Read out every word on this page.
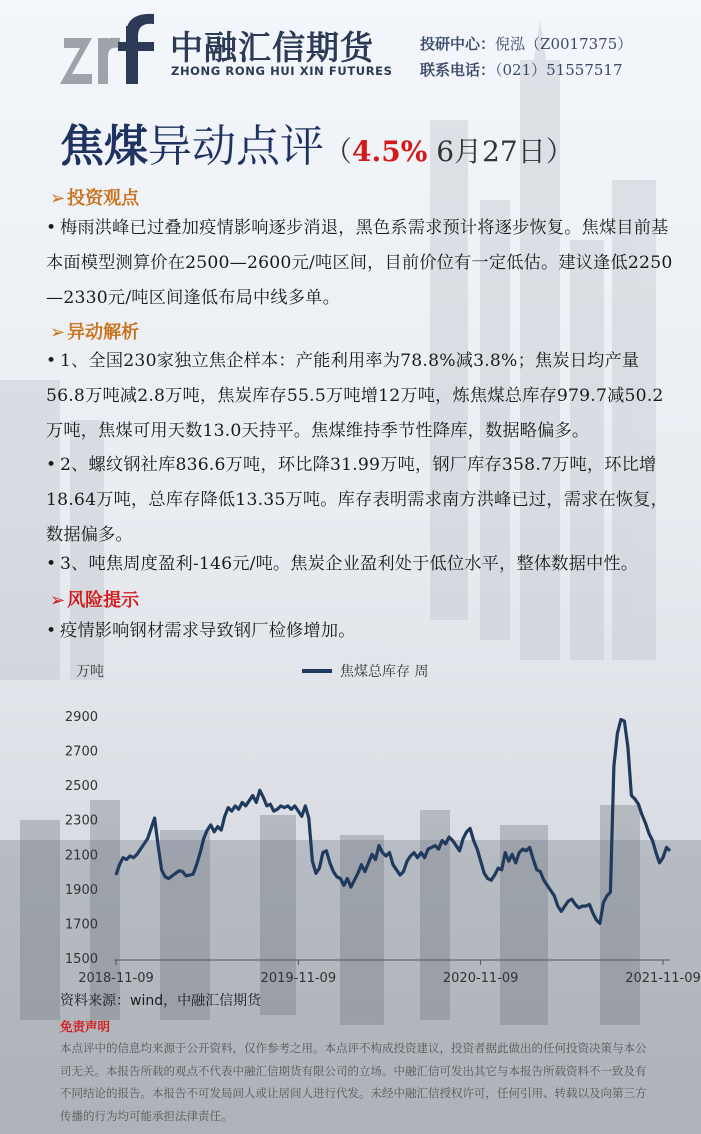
中融汇信期货
ZHONG RONG HUI XIN FUTURES
投研中心：倪泓（Z0017375）
联系电话：（021）51557517
焦煤异动点评（4.5% 6月27日）
➢ 投资观点
• 梅雨洪峰已过叠加疫情影响逐步消退，黑色系需求预计将逐步恢复。焦煤目前基本面模型测算价在2500—2600元/吨区间，目前价位有一定低估。建议逢低2250—2330元/吨区间逢低布局中线多单。
➢ 异动解析
• 1、全国230家独立焦企样本：产能利用率为78.8%减3.8%；焦炭日均产量56.8万吨减2.8万吨，焦炭库存55.5万吨增12万吨，炼焦煤总库存979.7减50.2万吨，焦煤可用天数13.0天持平。焦煤维持季节性降库，数据略偏多。
• 2、螺纹钢社库836.6万吨，环比降31.99万吨，钢厂库存358.7万吨，环比增18.64万吨，总库存降低13.35万吨。库存表明需求南方洪峰已过，需求在恢复，数据偏多。
• 3、吨焦周度盈利-146元/吨。焦炭企业盈利处于低位水平，整体数据中性。
➢ 风险提示
• 疫情影响钢材需求导致钢厂检修增加。
万吨	焦煤总库存 周
1500
1700
1900
2100
2300
2500
2700
2900
2018-11-09	2019-11-09	2020-11-09	2021-11-09
资料来源：wind，中融汇信期货
免责声明
本点评中的信息均来源于公开资料，仅作参考之用。本点评不构成投资建议，投资者据此做出的任何投资决策与本公司无关。本报告所载的观点不代表中融汇信期货有限公司的立场。中融汇信可发出其它与本报告所载资料不一致及有不同结论的报告。本报告不可发局间人或让居间人进行代发。未经中融汇信授权许可，任何引用、转载以及向第三方传播的行为均可能承担法律责任。
